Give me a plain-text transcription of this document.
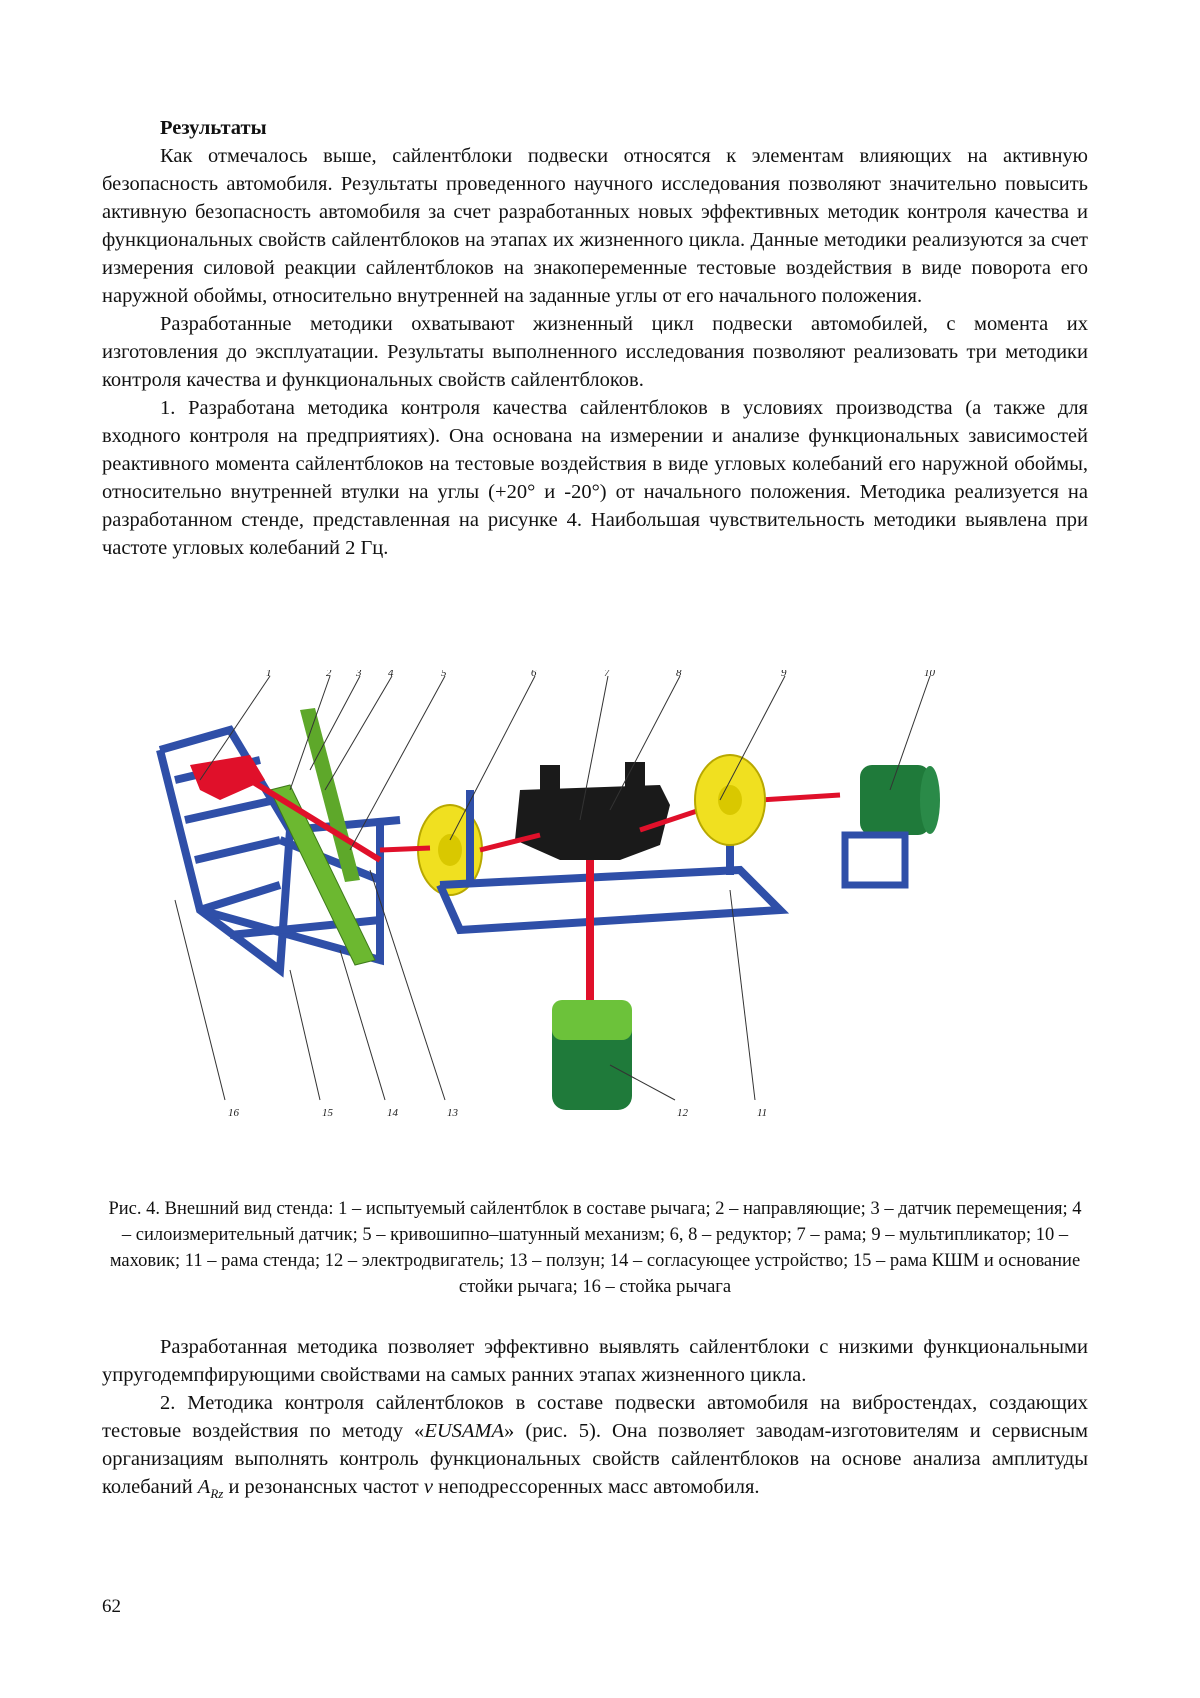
Результаты

Как отмечалось выше, сайлентблоки подвески относятся к элементам влияющих на активную безопасность автомобиля. Результаты проведенного научного исследования позволяют значительно повысить активную безопасность автомобиля за счет разработанных новых эффективных методик контроля качества и функциональных свойств сайлентблоков на этапах их жизненного цикла. Данные методики реализуются за счет измерения силовой реакции сайлентблоков на знакопеременные тестовые воздействия в виде поворота его наружной обоймы, относительно внутренней на заданные углы от его начального положения.

Разработанные методики охватывают жизненный цикл подвески автомобилей, с момента их изготовления до эксплуатации. Результаты выполненного исследования позволяют реализовать три методики контроля качества и функциональных свойств сайлентблоков.

1. Разработана методика контроля качества сайлентблоков в условиях производства (а также для входного контроля на предприятиях). Она основана на измерении и анализе функциональных зависимостей реактивного момента сайлентблоков на тестовые воздействия в виде угловых колебаний его наружной обоймы, относительно внутренней втулки на углы (+20° и -20°) от начального положения. Методика реализуется на разработанном стенде, представленная на рисунке 4. Наибольшая чувствительность методики выявлена при частоте угловых колебаний 2 Гц.

1	2 3 4	5	6	7	8	9	10
16	15	14	13	12	11
Рис. 4. Внешний вид стенда: 1 – испытуемый сайлентблок в составе рычага; 2 – направляющие; 3 – датчик перемещения; 4 – силоизмерительный датчик; 5 – кривошипно–шатунный механизм; 6, 8 – редуктор; 7 – рама; 9 – мультипликатор; 10 – маховик; 11 – рама стенда; 12 – электродвигатель; 13 – ползун; 14 – согласующее устройство; 15 – рама КШМ и основание стойки рычага; 16 – стойка рычага

Разработанная методика позволяет эффективно выявлять сайлентблоки с низкими функциональными упругодемпфирующими свойствами на самых ранних этапах жизненного цикла.

2. Методика контроля сайлентблоков в составе подвески автомобиля на вибростендах, создающих тестовые воздействия по методу «EUSAMA» (рис. 5). Она позволяет заводам-изготовителям и сервисным организациям выполнять контроль функциональных свойств сайлентблоков на основе анализа амплитуды колебаний $A_{Rz}$ и резонансных частот ν неподрессоренных масс автомобиля.

62
